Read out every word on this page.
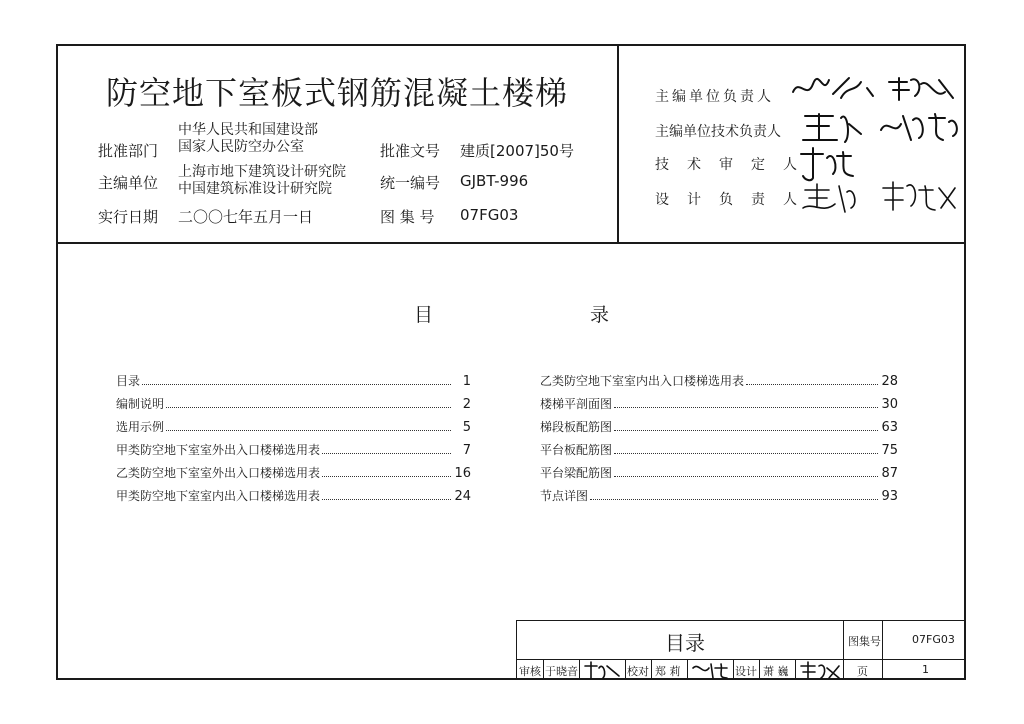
防空地下室板式钢筋混凝土楼梯
批准部门
中华人民共和国建设部
国家人民防空办公室
主编单位
上海市地下建筑设计研究院
中国建筑标准设计研究院
实行日期 二〇〇七年五月一日
批准文号 建质[2007]50号
统一编号 GJBT-996
图 集 号 07FG03
主编单位负责人
主编单位技术负责人
技术审定人
设计负责人
目	录
目录	1
编制说明	2
选用示例	5
甲类防空地下室室外出入口楼梯选用表	7
乙类防空地下室室外出入口楼梯选用表	16
甲类防空地下室室内出入口楼梯选用表	24
乙类防空地下室室内出入口楼梯选用表	28
楼梯平剖面图	30
梯段板配筋图	63
平台板配筋图	75
平台梁配筋图	87
节点详图	93
目录	图集号	07FG03
审核 于晓音	校对 郑 莉	设计 萧 巍	页	1
